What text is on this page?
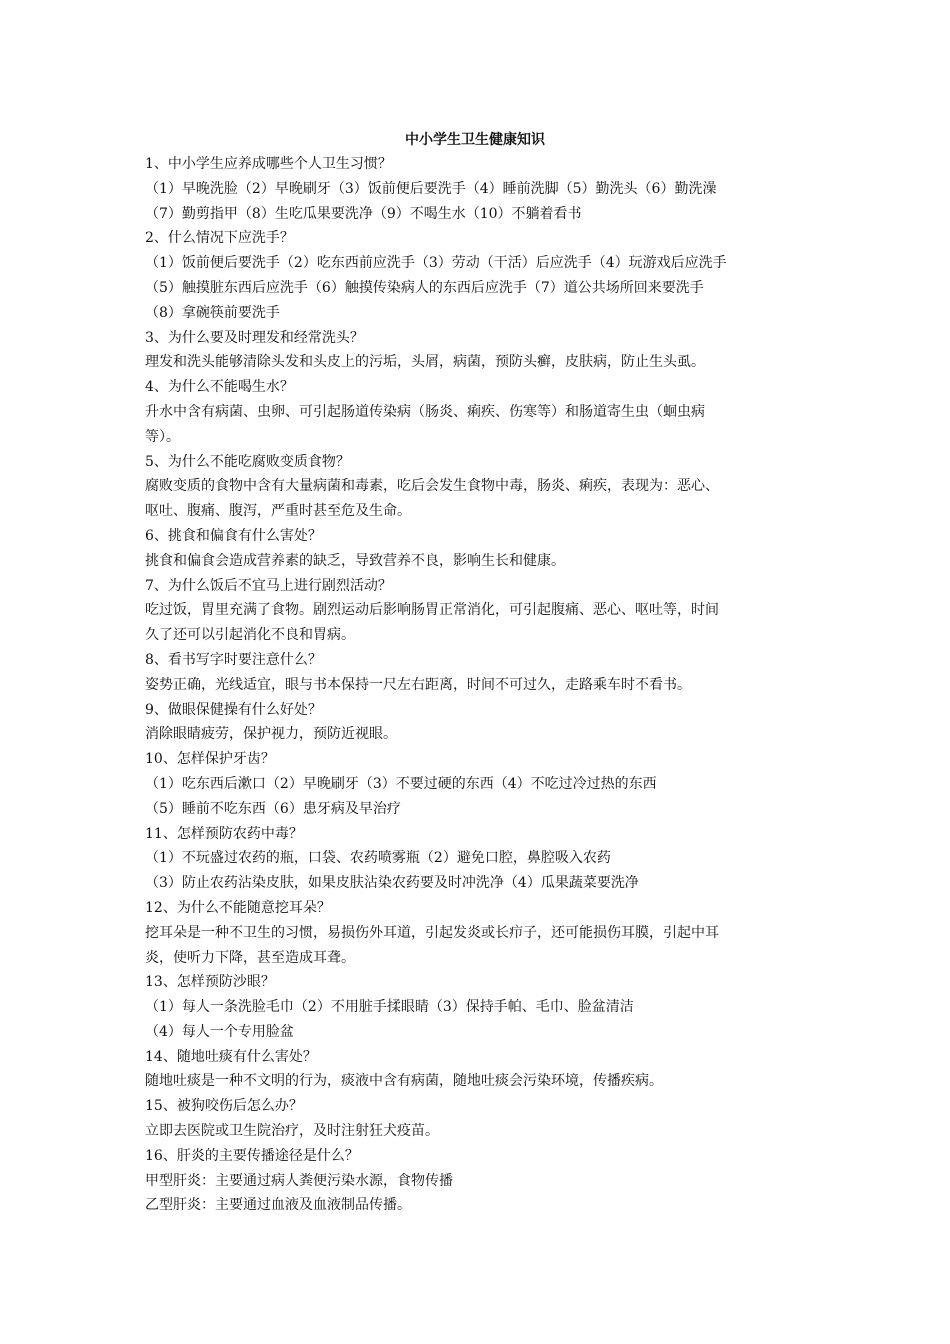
中小学生卫生健康知识

1、中小学生应养成哪些个人卫生习惯？

（1）早晚洗脸（2）早晚刷牙（3）饭前便后要洗手（4）睡前洗脚（5）勤洗头（6）勤洗澡

（7）勤剪指甲（8）生吃瓜果要洗净（9）不喝生水（10）不躺着看书

2、什么情况下应洗手？

（1）饭前便后要洗手（2）吃东西前应洗手（3）劳动（干活）后应洗手（4）玩游戏后应洗手

（5）触摸脏东西后应洗手（6）触摸传染病人的东西后应洗手（7）道公共场所回来要洗手

（8）拿碗筷前要洗手

3、为什么要及时理发和经常洗头？

理发和洗头能够清除头发和头皮上的污垢，头屑，病菌，预防头癣，皮肤病，防止生头虱。

4、为什么不能喝生水？

升水中含有病菌、虫卵、可引起肠道传染病（肠炎、痢疾、伤寒等）和肠道寄生虫（蛔虫病

等）。

5、为什么不能吃腐败变质食物？

腐败变质的食物中含有大量病菌和毒素，吃后会发生食物中毒，肠炎、痢疾，表现为：恶心、

呕吐、腹痛、腹泻，严重时甚至危及生命。

6、挑食和偏食有什么害处？

挑食和偏食会造成营养素的缺乏，导致营养不良，影响生长和健康。

7、为什么饭后不宜马上进行剧烈活动？

吃过饭，胃里充满了食物。剧烈运动后影响肠胃正常消化，可引起腹痛、恶心、呕吐等，时间

久了还可以引起消化不良和胃病。

8、看书写字时要注意什么？

姿势正确，光线适宜，眼与书本保持一尺左右距离，时间不可过久，走路乘车时不看书。

9、做眼保健操有什么好处？

消除眼睛疲劳，保护视力，预防近视眼。

10、怎样保护牙齿？

（1）吃东西后漱口（2）早晚刷牙（3）不要过硬的东西（4）不吃过冷过热的东西

（5）睡前不吃东西（6）患牙病及早治疗

11、怎样预防农药中毒？

（1）不玩盛过农药的瓶，口袋、农药喷雾瓶（2）避免口腔，鼻腔吸入农药

（3）防止农药沾染皮肤，如果皮肤沾染农药要及时冲洗净（4）瓜果蔬菜要洗净

12、为什么不能随意挖耳朵？

挖耳朵是一种不卫生的习惯，易损伤外耳道，引起发炎或长疖子，还可能损伤耳膜，引起中耳

炎，使听力下降，甚至造成耳聋。

13、怎样预防沙眼？

（1）每人一条洗脸毛巾（2）不用脏手揉眼睛（3）保持手帕、毛巾、脸盆清洁

（4）每人一个专用脸盆

14、随地吐痰有什么害处？

随地吐痰是一种不文明的行为，痰液中含有病菌，随地吐痰会污染环境，传播疾病。

15、被狗咬伤后怎么办？

立即去医院或卫生院治疗，及时注射狂犬疫苗。

16、肝炎的主要传播途径是什么？

甲型肝炎：主要通过病人粪便污染水源，食物传播

乙型肝炎：主要通过血液及血液制品传播。
